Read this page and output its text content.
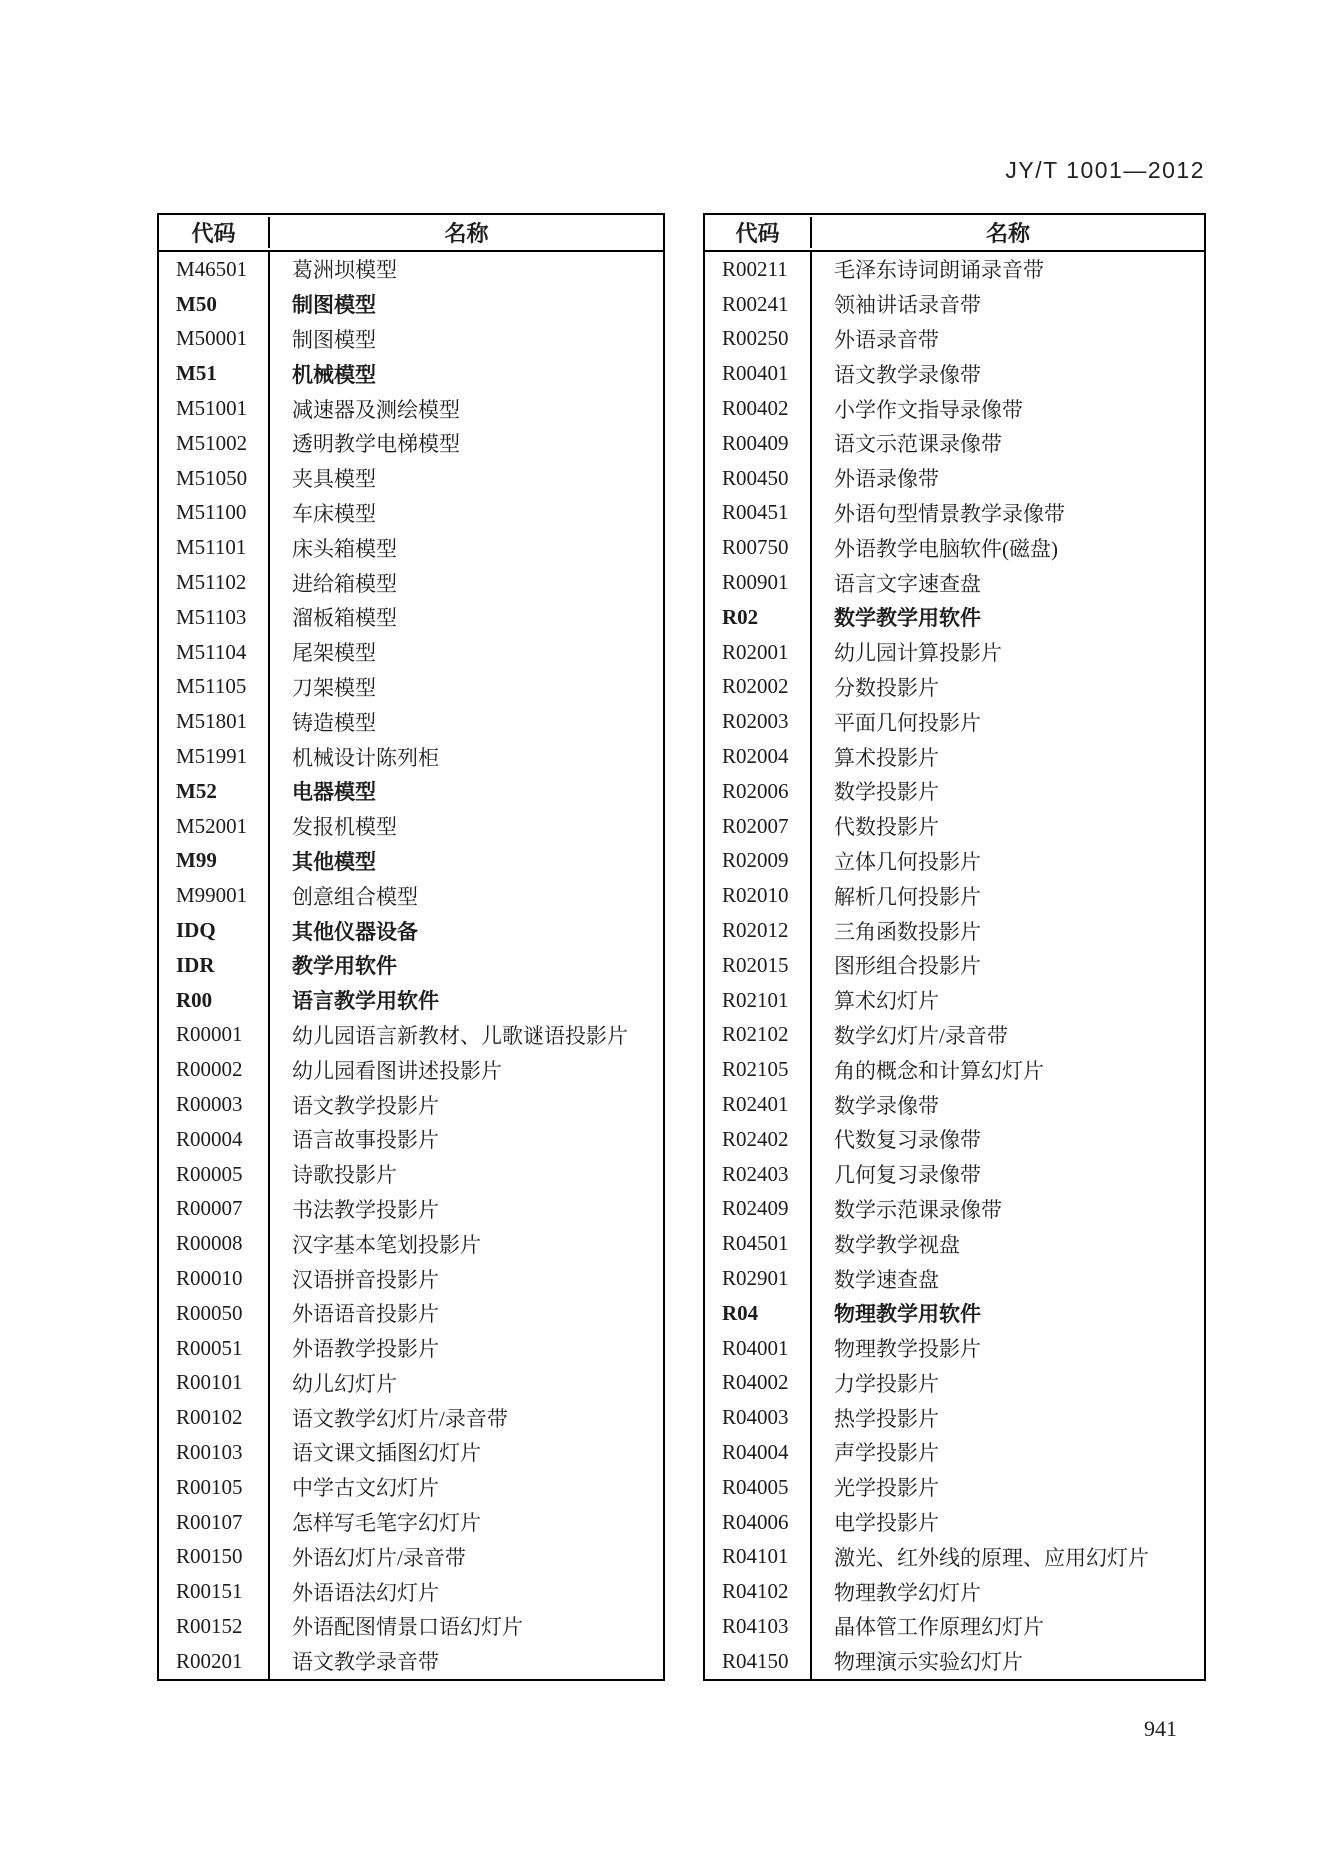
JY/T 1001—2012
代码	名称
M46501	葛洲坝模型
M50	制图模型
M50001	制图模型
M51	机械模型
M51001	减速器及测绘模型
M51002	透明教学电梯模型
M51050	夹具模型
M51100	车床模型
M51101	床头箱模型
M51102	进给箱模型
M51103	溜板箱模型
M51104	尾架模型
M51105	刀架模型
M51801	铸造模型
M51991	机械设计陈列柜
M52	电器模型
M52001	发报机模型
M99	其他模型
M99001	创意组合模型
IDQ	其他仪器设备
IDR	教学用软件
R00	语言教学用软件
R00001	幼儿园语言新教材、儿歌谜语投影片
R00002	幼儿园看图讲述投影片
R00003	语文教学投影片
R00004	语言故事投影片
R00005	诗歌投影片
R00007	书法教学投影片
R00008	汉字基本笔划投影片
R00010	汉语拼音投影片
R00050	外语语音投影片
R00051	外语教学投影片
R00101	幼儿幻灯片
R00102	语文教学幻灯片/录音带
R00103	语文课文插图幻灯片
R00105	中学古文幻灯片
R00107	怎样写毛笔字幻灯片
R00150	外语幻灯片/录音带
R00151	外语语法幻灯片
R00152	外语配图情景口语幻灯片
R00201	语文教学录音带
代码	名称
R00211	毛泽东诗词朗诵录音带
R00241	领袖讲话录音带
R00250	外语录音带
R00401	语文教学录像带
R00402	小学作文指导录像带
R00409	语文示范课录像带
R00450	外语录像带
R00451	外语句型情景教学录像带
R00750	外语教学电脑软件(磁盘)
R00901	语言文字速查盘
R02	数学教学用软件
R02001	幼儿园计算投影片
R02002	分数投影片
R02003	平面几何投影片
R02004	算术投影片
R02006	数学投影片
R02007	代数投影片
R02009	立体几何投影片
R02010	解析几何投影片
R02012	三角函数投影片
R02015	图形组合投影片
R02101	算术幻灯片
R02102	数学幻灯片/录音带
R02105	角的概念和计算幻灯片
R02401	数学录像带
R02402	代数复习录像带
R02403	几何复习录像带
R02409	数学示范课录像带
R04501	数学教学视盘
R02901	数学速查盘
R04	物理教学用软件
R04001	物理教学投影片
R04002	力学投影片
R04003	热学投影片
R04004	声学投影片
R04005	光学投影片
R04006	电学投影片
R04101	激光、红外线的原理、应用幻灯片
R04102	物理教学幻灯片
R04103	晶体管工作原理幻灯片
R04150	物理演示实验幻灯片
941
